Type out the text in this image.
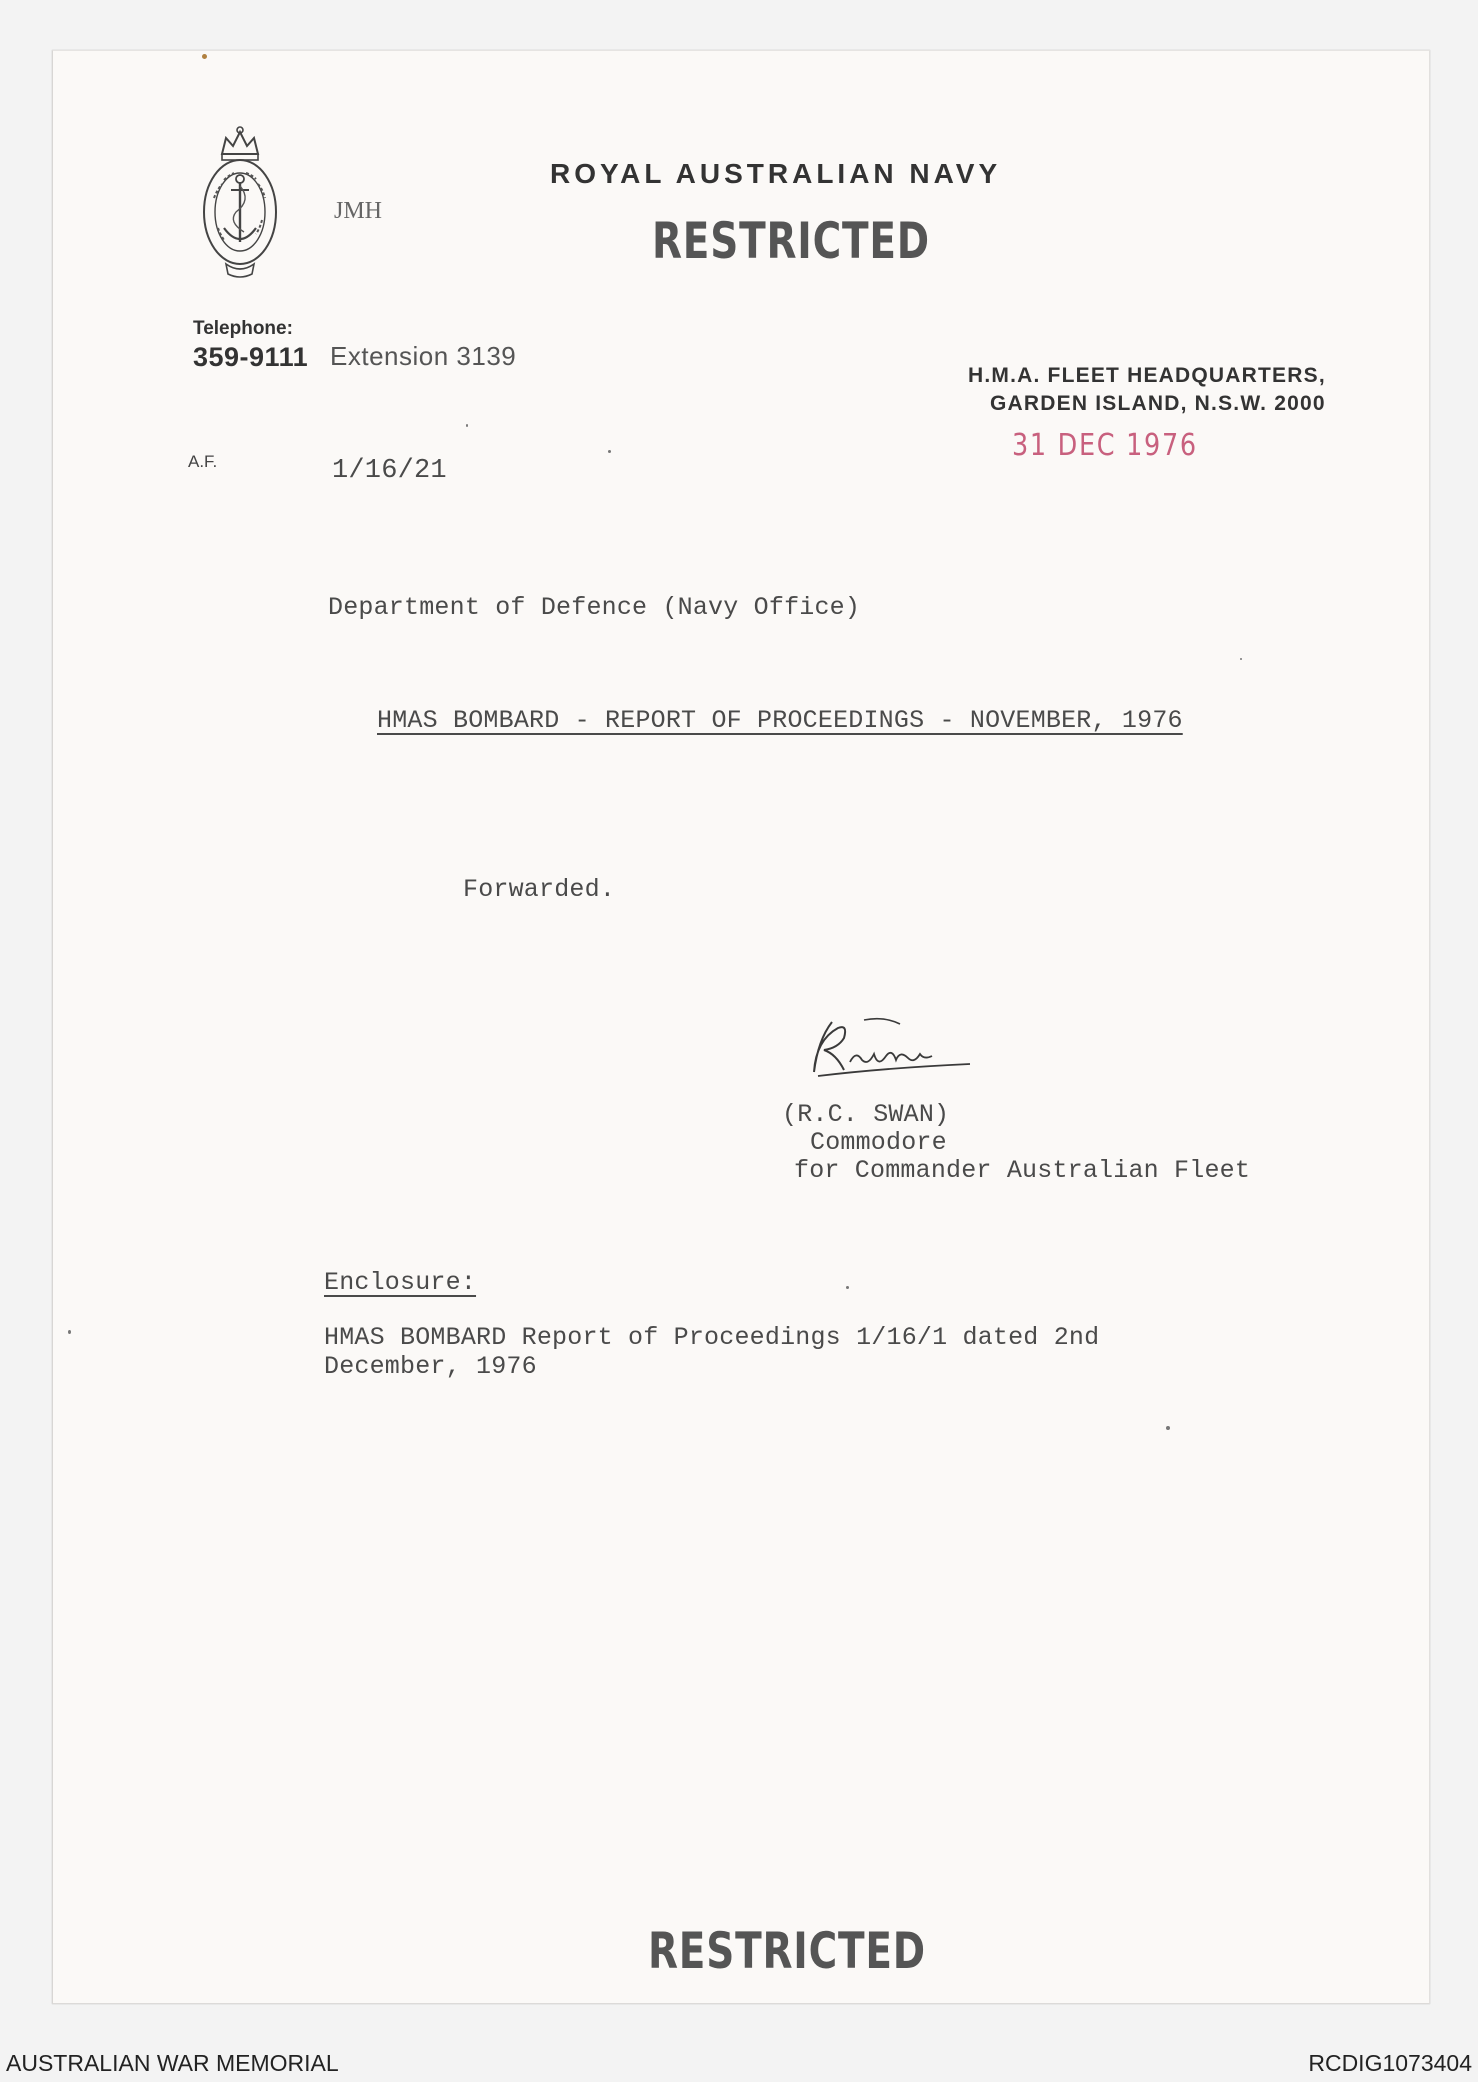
ROYAL AUSTRALIAN NAVY
RESTRICTED
JMH
Telephone:
359-9111 Extension 3139
H.M.A. FLEET HEADQUARTERS,
GARDEN ISLAND, N.S.W. 2000
31 DEC 1976
A.F.	1/16/21
Department of Defence (Navy Office)
HMAS BOMBARD - REPORT OF PROCEEDINGS - NOVEMBER, 1976
Forwarded.
(R.C. SWAN)
Commodore
for Commander Australian Fleet
Enclosure:
HMAS BOMBARD Report of Proceedings 1/16/1 dated 2nd
December, 1976
RESTRICTED
AUSTRALIAN WAR MEMORIAL	RCDIG1073404
